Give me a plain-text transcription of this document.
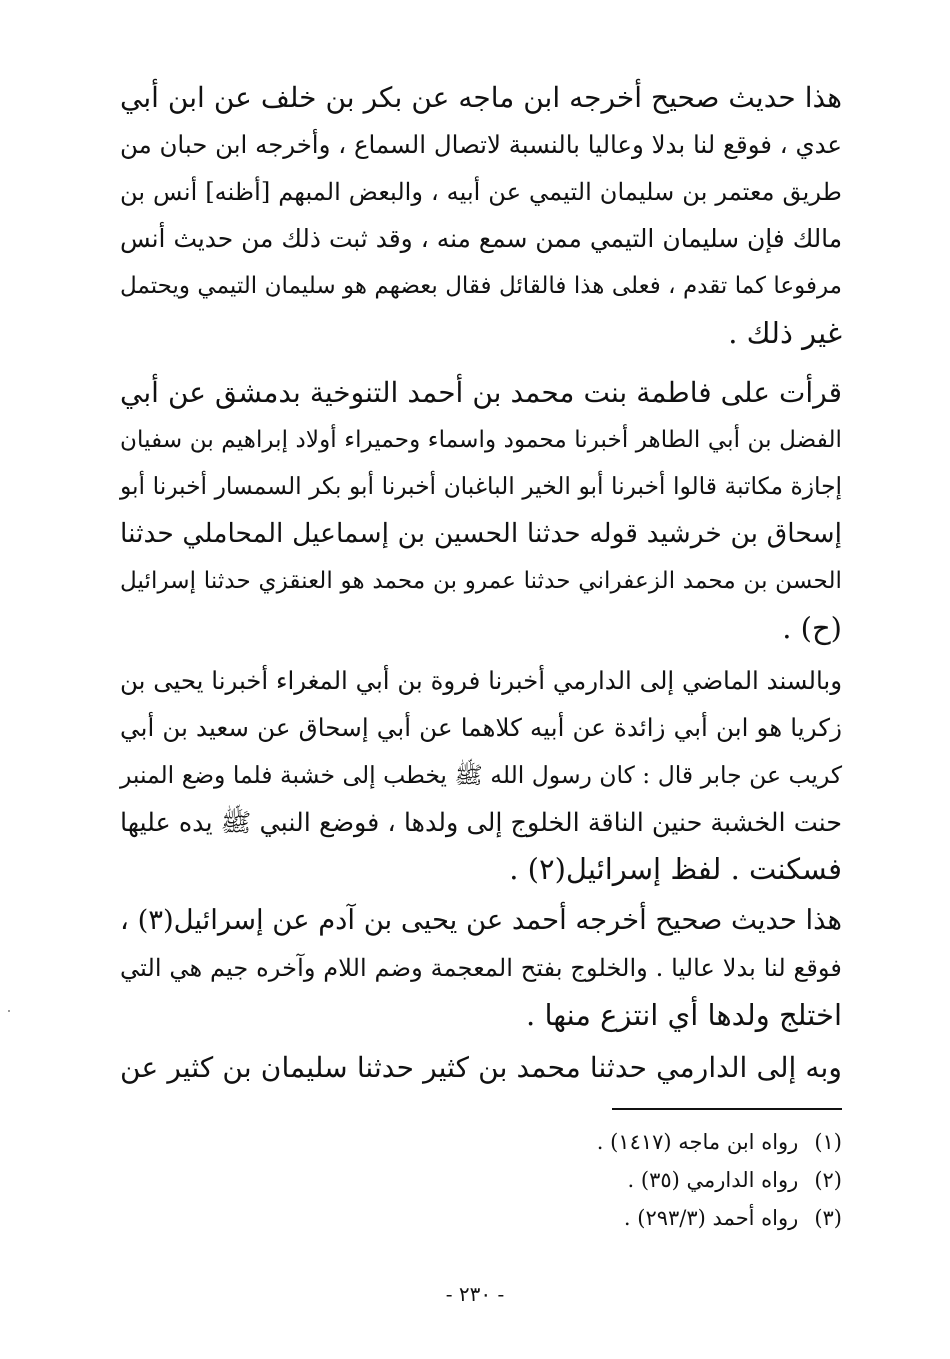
هذا حديث صحيح أخرجه ابن ماجه عن بكر بن خلف عن ابن أبي
عدي ، فوقع لنا بدلا وعاليا بالنسبة لاتصال السماع ، وأخرجه ابن حبان من
طريق معتمر بن سليمان التيمي عن أبيه ، والبعض المبهم [أظنه] أنس بن
مالك فإن سليمان التيمي ممن سمع منه ، وقد ثبت ذلك من حديث أنس
مرفوعا كما تقدم ، فعلى هذا فالقائل فقال بعضهم هو سليمان التيمي ويحتمل
غير ذلك .
قرأت على فاطمة بنت محمد بن أحمد التنوخية بدمشق عن أبي
الفضل بن أبي الطاهر أخبرنا محمود واسماء وحميراء أولاد إبراهيم بن سفيان
إجازة مكاتبة قالوا أخبرنا أبو الخير الباغبان أخبرنا أبو بكر السمسار أخبرنا أبو
إسحاق بن خرشيد قوله حدثنا الحسين بن إسماعيل المحاملي حدثنا
الحسن بن محمد الزعفراني حدثنا عمرو بن محمد هو العنقزي حدثنا إسرائيل
(ح) .
وبالسند الماضي إلى الدارمي أخبرنا فروة بن أبي المغراء أخبرنا يحيى بن
زكريا هو ابن أبي زائدة عن أبيه كلاهما عن أبي إسحاق عن سعيد بن أبي
كريب عن جابر قال : كان رسول الله ﷺ يخطب إلى خشبة فلما وضع المنبر
حنت الخشبة حنين الناقة الخلوج إلى ولدها ، فوضع النبي ﷺ يده عليها
فسكنت . لفظ إسرائيل(٢) .
هذا حديث صحيح أخرجه أحمد عن يحيى بن آدم عن إسرائيل(٣) ،
فوقع لنا بدلا عاليا . والخلوج بفتح المعجمة وضم اللام وآخره جيم هي التي
اختلج ولدها أي انتزع منها .
وبه إلى الدارمي حدثنا محمد بن كثير حدثنا سليمان بن كثير عن
(١)رواه ابن ماجه (١٤١٧) .
(٢)رواه الدارمي (٣٥) .
(٣)رواه أحمد (٢٩٣/٣) .
- ٢٣٠ -
